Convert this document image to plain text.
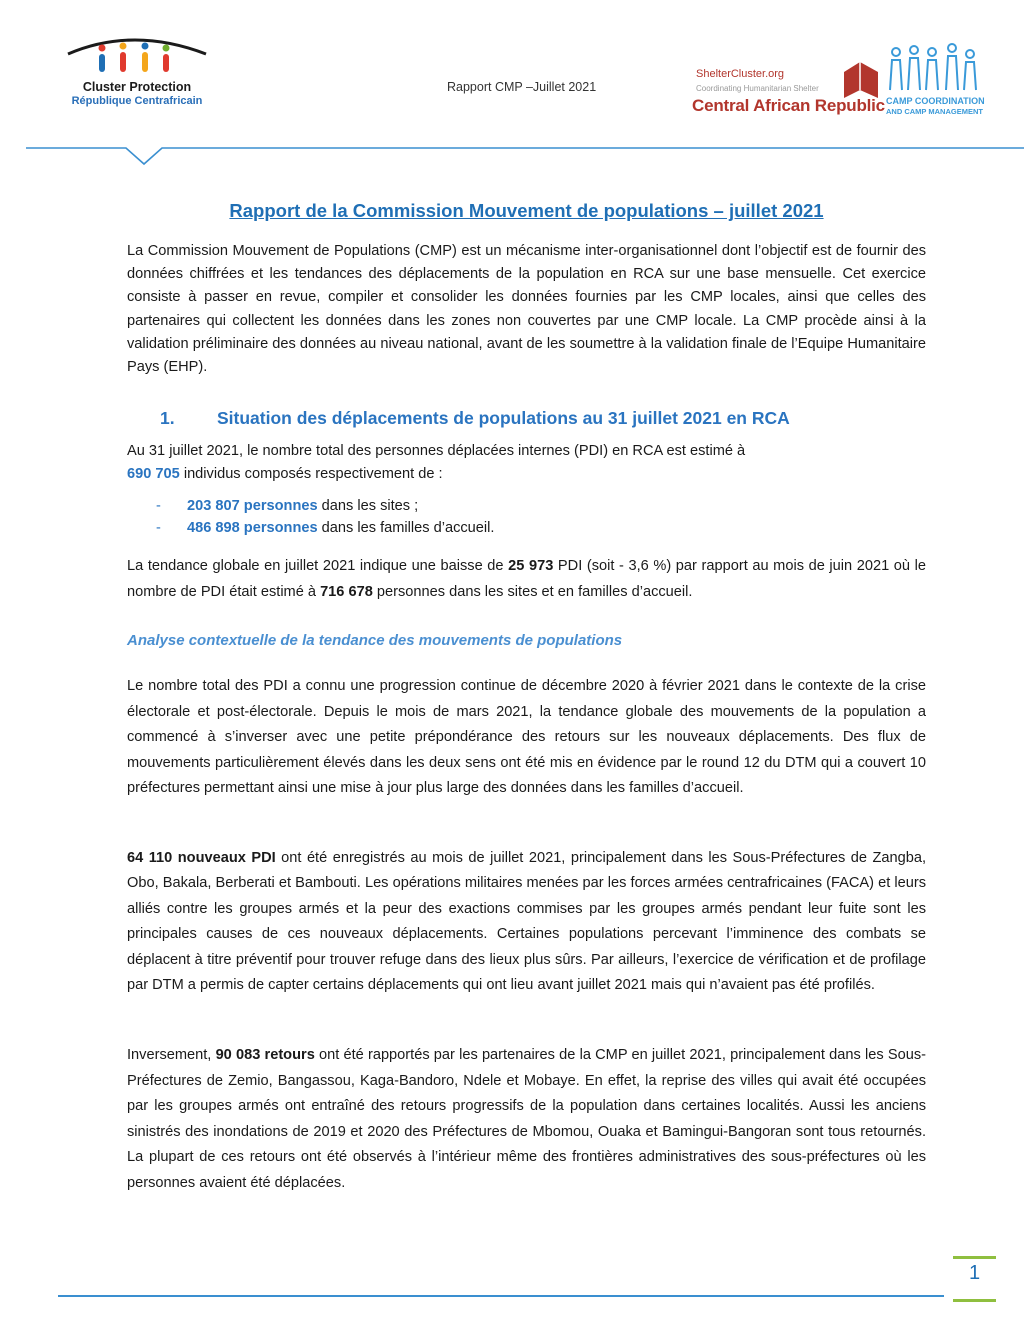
Cluster Protection
République Centrafricain
Rapport CMP –Juillet 2021
ShelterCluster.org
Coordinating Humanitarian Shelter
Central African Republic CAMP COORDINATION
AND CAMP MANAGEMENT
Rapport de la Commission Mouvement de populations – juillet 2021
La Commission Mouvement de Populations (CMP) est un mécanisme inter-organisationnel dont l’objectif est de fournir des données chiffrées et les tendances des déplacements de la population en RCA sur une base mensuelle. Cet exercice consiste à passer en revue, compiler et consolider les données fournies par les CMP locales, ainsi que celles des partenaires qui collectent les données dans les zones non couvertes par une CMP locale. La CMP procède ainsi à la validation préliminaire des données au niveau national, avant de les soumettre à la validation finale de l’Equipe Humanitaire Pays (EHP).
1. Situation des déplacements de populations au 31 juillet 2021 en RCA
Au 31 juillet 2021, le nombre total des personnes déplacées internes (PDI) en RCA est estimé à
690 705 individus composés respectivement de :
- 203 807 personnes dans les sites ;
- 486 898 personnes dans les familles d’accueil.
La tendance globale en juillet 2021 indique une baisse de 25 973 PDI (soit - 3,6 %) par rapport au mois de juin 2021 où le nombre de PDI était estimé à 716 678 personnes dans les sites et en familles d’accueil.
Analyse contextuelle de la tendance des mouvements de populations
Le nombre total des PDI a connu une progression continue de décembre 2020 à février 2021 dans le contexte de la crise électorale et post-électorale. Depuis le mois de mars 2021, la tendance globale des mouvements de la population a commencé à s’inverser avec une petite prépondérance des retours sur les nouveaux déplacements. Des flux de mouvements particulièrement élevés dans les deux sens ont été mis en évidence par le round 12 du DTM qui a couvert 10 préfectures permettant ainsi une mise à jour plus large des données dans les familles d’accueil.
64 110 nouveaux PDI ont été enregistrés au mois de juillet 2021, principalement dans les Sous-Préfectures de Zangba, Obo, Bakala, Berberati et Bambouti. Les opérations militaires menées par les forces armées centrafricaines (FACA) et leurs alliés contre les groupes armés et la peur des exactions commises par les groupes armés pendant leur fuite sont les principales causes de ces nouveaux déplacements. Certaines populations percevant l’imminence des combats se déplacent à titre préventif pour trouver refuge dans des lieux plus sûrs. Par ailleurs, l’exercice de vérification et de profilage par DTM a permis de capter certains déplacements qui ont lieu avant juillet 2021 mais qui n’avaient pas été profilés.
Inversement, 90 083 retours ont été rapportés par les partenaires de la CMP en juillet 2021, principalement dans les Sous-Préfectures de Zemio, Bangassou, Kaga-Bandoro, Ndele et Mobaye. En effet, la reprise des villes qui avait été occupées par les groupes armés ont entraîné des retours progressifs de la population dans certaines localités. Aussi les anciens sinistrés des inondations de 2019 et 2020 des Préfectures de Mbomou, Ouaka et Bamingui-Bangoran sont tous retournés. La plupart de ces retours ont été observés à l’intérieur même des frontières administratives des sous-préfectures où les personnes avaient été déplacées.
1
